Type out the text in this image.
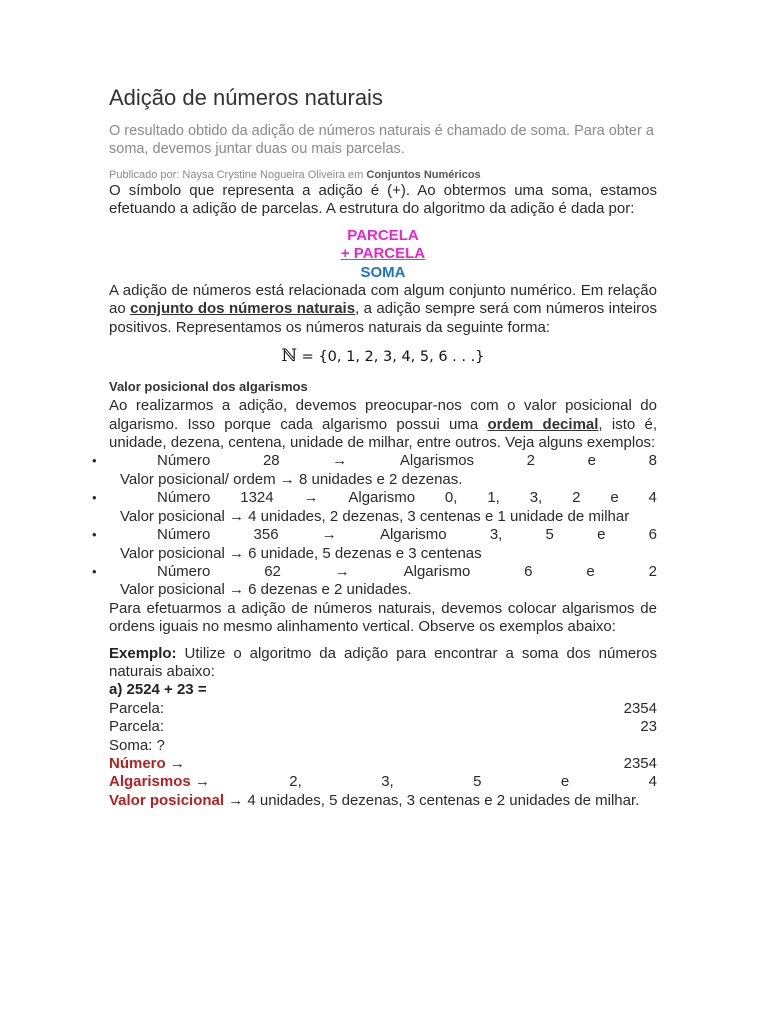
Adição de números naturais
O resultado obtido da adição de números naturais é chamado de soma. Para obter a soma, devemos juntar duas ou mais parcelas.
Publicado por: Naysa Crystine Nogueira Oliveira em Conjuntos Numéricos

O símbolo que representa a adição é (+). Ao obtermos uma soma, estamos efetuando a adição de parcelas. A estrutura do algoritmo da adição é dada por:

PARCELA
+ PARCELA
SOMA

A adição de números está relacionada com algum conjunto numérico. Em relação ao conjunto dos números naturais, a adição sempre será com números inteiros positivos. Representamos os números naturais da seguinte forma:

ℕ = {0, 1, 2, 3, 4, 5, 6 . . .}
Valor posicional dos algarismos

Ao realizarmos a adição, devemos preocupar-nos com o valor posicional do algarismo. Isso porque cada algarismo possui uma ordem decimal, isto é, unidade, dezena, centena, unidade de milhar, entre outros. Veja alguns exemplos:

•	Número	28	→	Algarismos	2	e	8
Valor posicional/ ordem → 8 unidades e 2 dezenas.
•	Número 1324 → Algarismo 0, 1, 3, 2 e 4
Valor posicional → 4 unidades, 2 dezenas, 3 centenas e 1 unidade de milhar
•	Número	356	→	Algarismo	3,	5	e	6
Valor posicional → 6 unidade, 5 dezenas e 3 centenas
•	Número	62	→	Algarismo	6	e	2
Valor posicional → 6 dezenas e 2 unidades.

Para efetuarmos a adição de números naturais, devemos colocar algarismos de ordens iguais no mesmo alinhamento vertical. Observe os exemplos abaixo:

Exemplo: Utilize o algoritmo da adição para encontrar a soma dos números naturais abaixo:

a) 2524 + 23 =
Parcela:	2354
Parcela:	23
Soma: ?
Número →	2354
Algarismos →	2,	3,	5	e	4

Valor posicional → 4 unidades, 5 dezenas, 3 centenas e 2 unidades de milhar.
